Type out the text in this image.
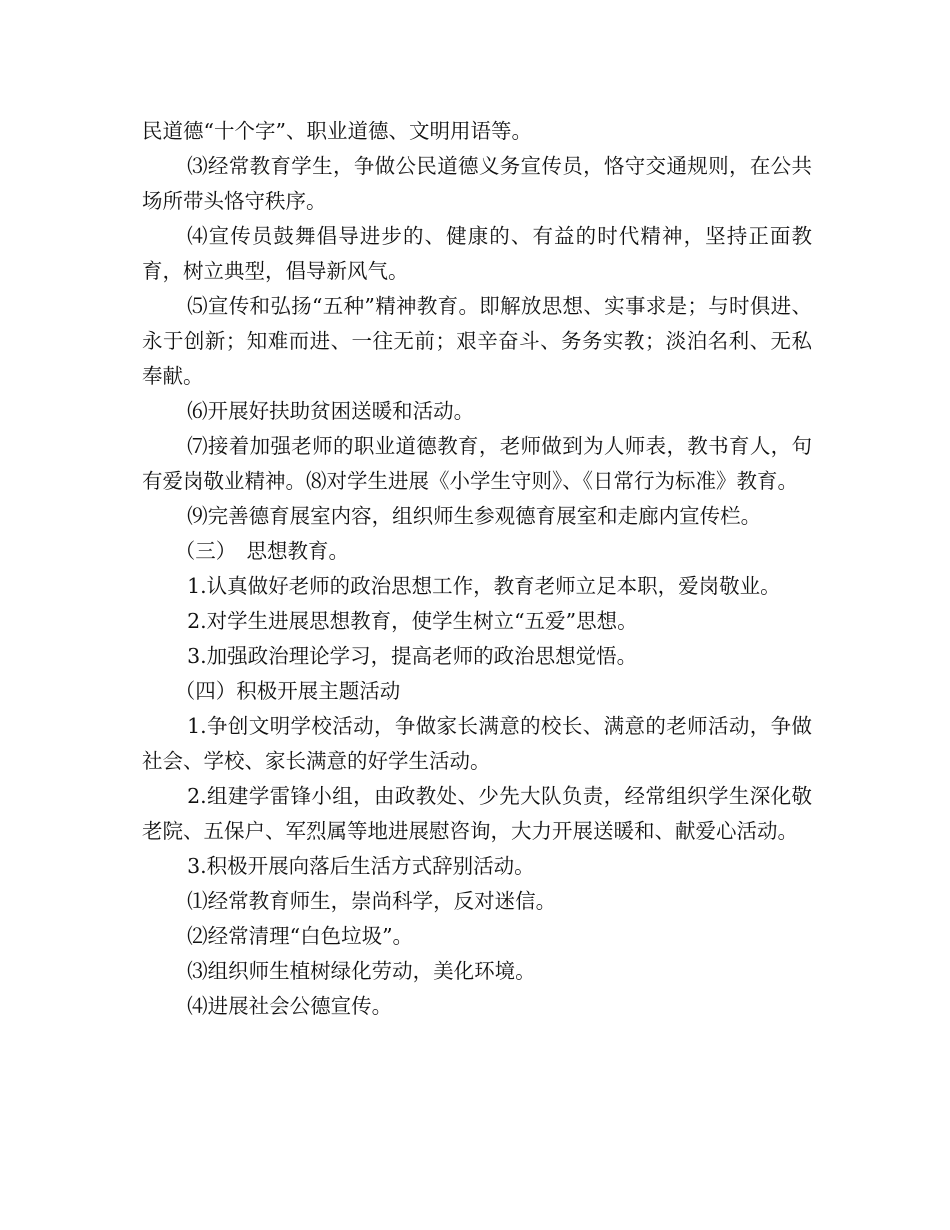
民道德“十个字”、职业道德、文明用语等。

⑶经常教育学生，争做公民道德义务宣传员，恪守交通规则，在公共场所带头恪守秩序。

⑷宣传员鼓舞倡导进步的、健康的、有益的时代精神，坚持正面教育，树立典型，倡导新风气。

⑸宣传和弘扬“五种”精神教育。即解放思想、实事求是；与时俱进、永于创新；知难而进、一往无前；艰辛奋斗、务务实教；淡泊名利、无私奉献。

⑹开展好扶助贫困送暖和活动。

⑺接着加强老师的职业道德教育，老师做到为人师表，教书育人，句有爱岗敬业精神。⑻对学生进展《小学生守则》、《日常行为标准》教育。

⑼完善德育展室内容，组织师生参观德育展室和走廊内宣传栏。

（三）　思想教育。

1.认真做好老师的政治思想工作，教育老师立足本职，爱岗敬业。

2.对学生进展思想教育，使学生树立“五爱”思想。

3.加强政治理论学习，提高老师的政治思想觉悟。

（四）积极开展主题活动

1.争创文明学校活动，争做家长满意的校长、满意的老师活动，争做社会、学校、家长满意的好学生活动。

2.组建学雷锋小组，由政教处、少先大队负责，经常组织学生深化敬老院、五保户、军烈属等地进展慰咨询，大力开展送暖和、献爱心活动。

3.积极开展向落后生活方式辞别活动。

⑴经常教育师生，崇尚科学，反对迷信。

⑵经常清理“白色垃圾”。

⑶组织师生植树绿化劳动，美化环境。

⑷进展社会公德宣传。
